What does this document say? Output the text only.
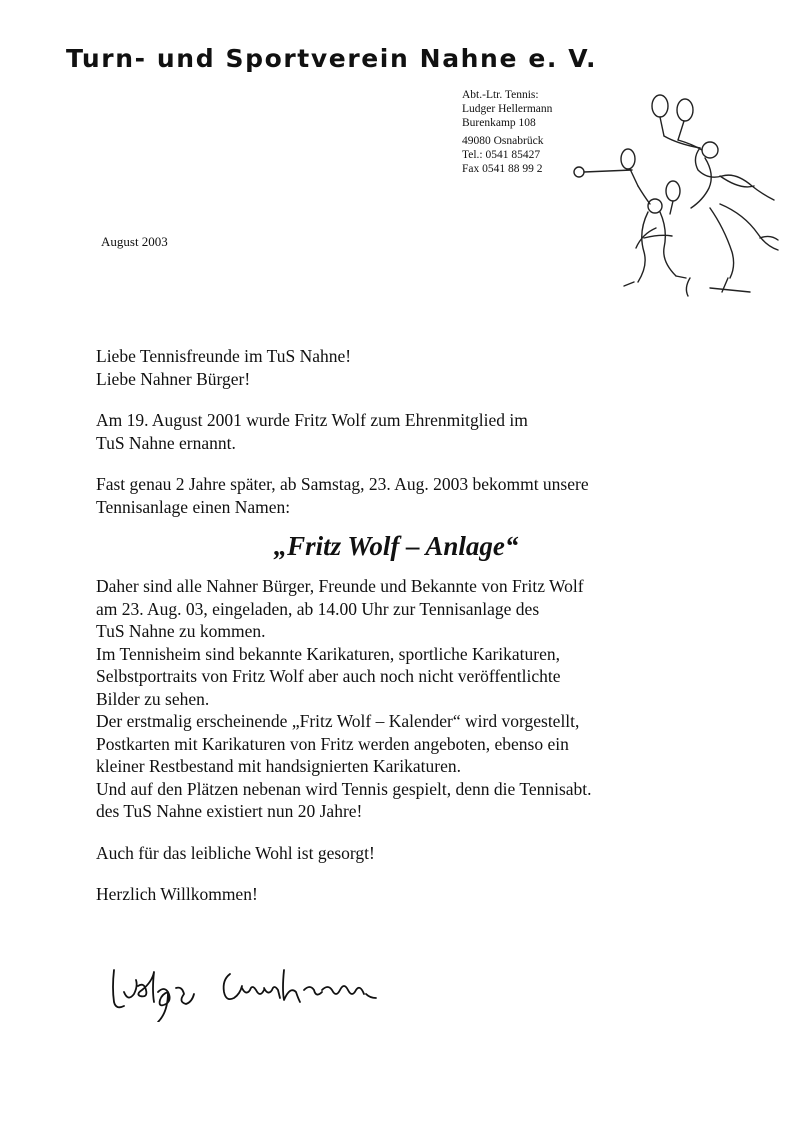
Turn- und Sportverein Nahne e. V.
Abt.-Ltr. Tennis:
Ludger Hellermann
Burenkamp 108
49080 Osnabrück
Tel.: 0541 85427
Fax 0541 88 99 2

August 2003

Liebe Tennisfreunde im TuS Nahne!
Liebe Nahner Bürger!

Am 19. August 2001 wurde Fritz Wolf zum Ehrenmitglied im
TuS Nahne ernannt.

Fast genau 2 Jahre später, ab Samstag, 23. Aug. 2003 bekommt unsere
Tennisanlage einen Namen:

„Fritz Wolf – Anlage“

Daher sind alle Nahner Bürger, Freunde und Bekannte von Fritz Wolf
am 23. Aug. 03, eingeladen, ab 14.00 Uhr zur Tennisanlage des
TuS Nahne zu kommen.
Im Tennisheim sind bekannte Karikaturen, sportliche Karikaturen,
Selbstportraits von Fritz Wolf aber auch noch nicht veröffentlichte
Bilder zu sehen.
Der erstmalig erscheinende „Fritz Wolf – Kalender“ wird vorgestellt,
Postkarten mit Karikaturen von Fritz werden angeboten, ebenso ein
kleiner Restbestand mit handsignierten Karikaturen.
Und auf den Plätzen nebenan wird Tennis gespielt, denn die Tennisabt.
des TuS Nahne existiert nun 20 Jahre!

Auch für das leibliche Wohl ist gesorgt!

Herzlich Willkommen!
